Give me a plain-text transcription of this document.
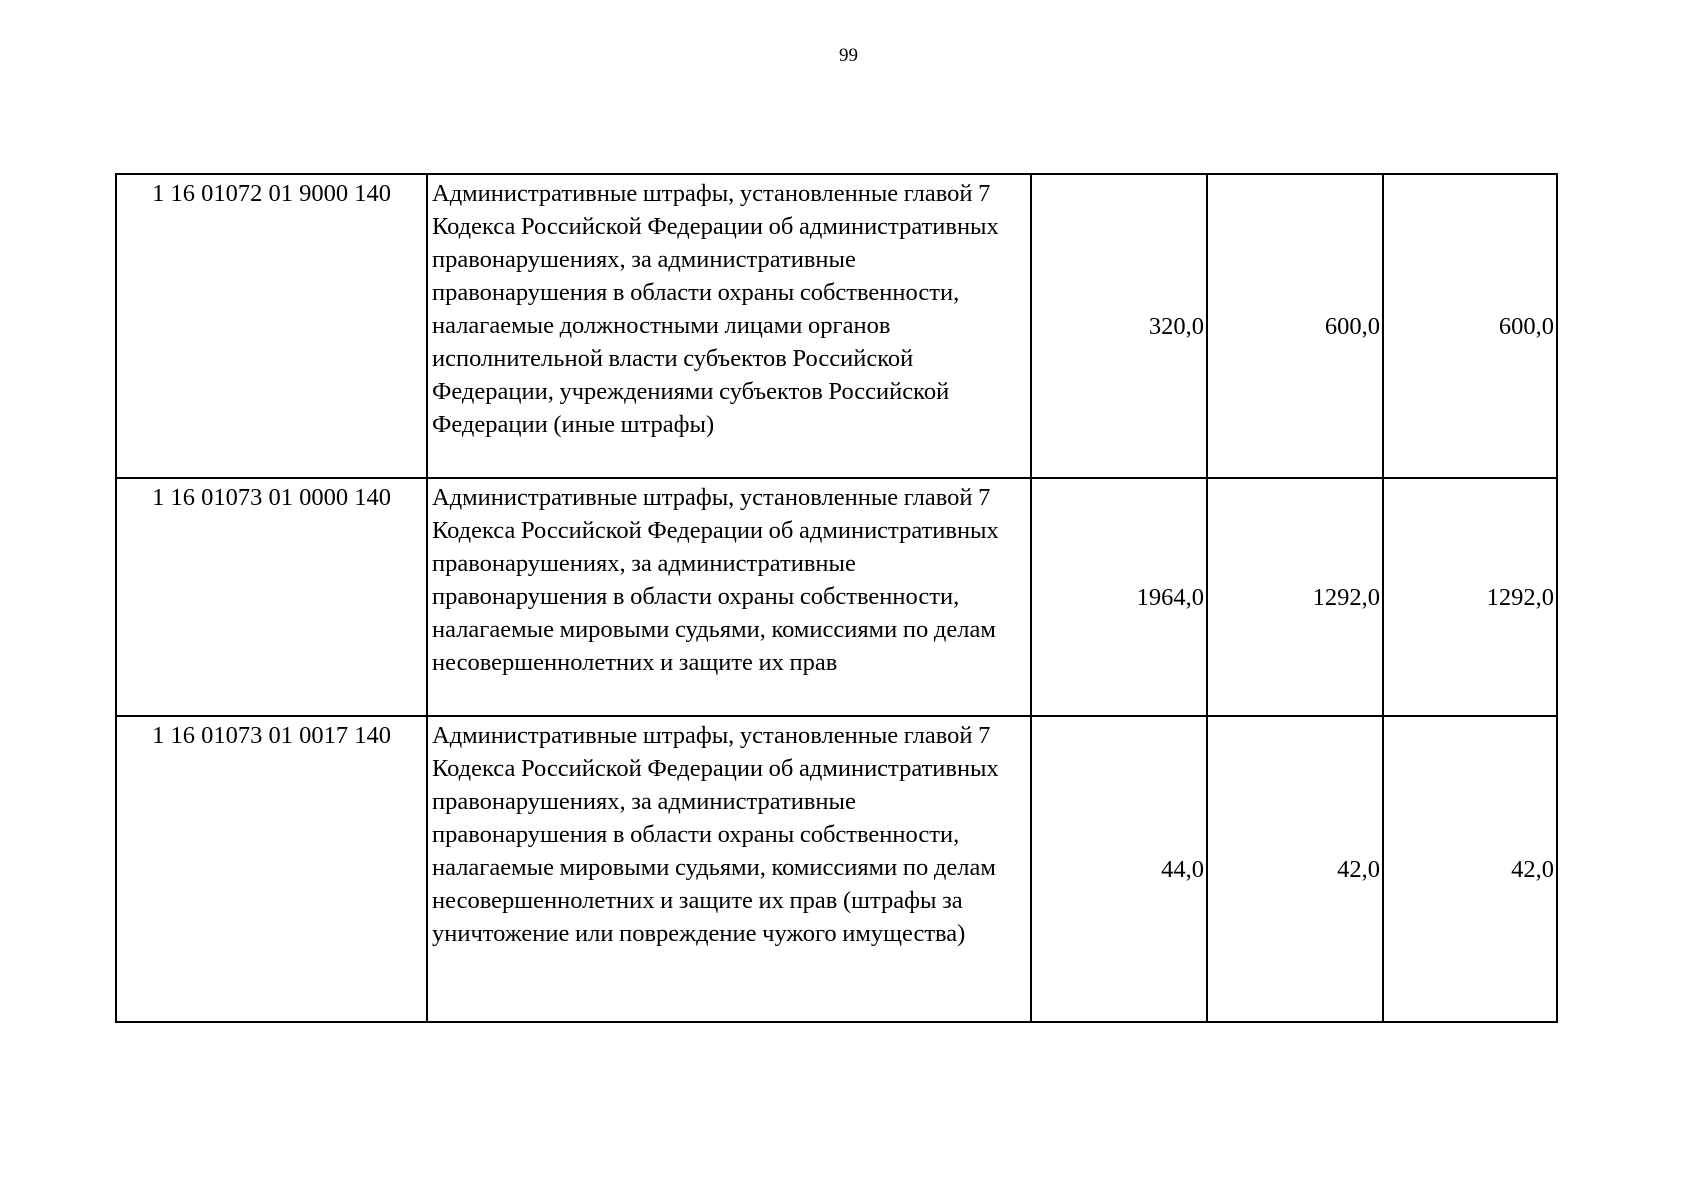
99
1 16 01072 01 9000 140	Административные штрафы, установленные главой 7 Кодекса Российской Федерации об административных правонарушениях, за административные правонарушения в области охраны собственности, налагаемые должностными лицами органов исполнительной власти субъектов Российской Федерации, учреждениями субъектов Российской Федерации (иные штрафы)	320,0	600,0	600,0
1 16 01073 01 0000 140	Административные штрафы, установленные главой 7 Кодекса Российской Федерации об административных правонарушениях, за административные правонарушения в области охраны собственности, налагаемые мировыми судьями, комиссиями по делам несовершеннолетних и защите их прав	1964,0	1292,0	1292,0
1 16 01073 01 0017 140	Административные штрафы, установленные главой 7 Кодекса Российской Федерации об административных правонарушениях, за административные правонарушения в области охраны собственности, налагаемые мировыми судьями, комиссиями по делам несовершеннолетних и защите их прав (штрафы за уничтожение или повреждение чужого имущества)	44,0	42,0	42,0
